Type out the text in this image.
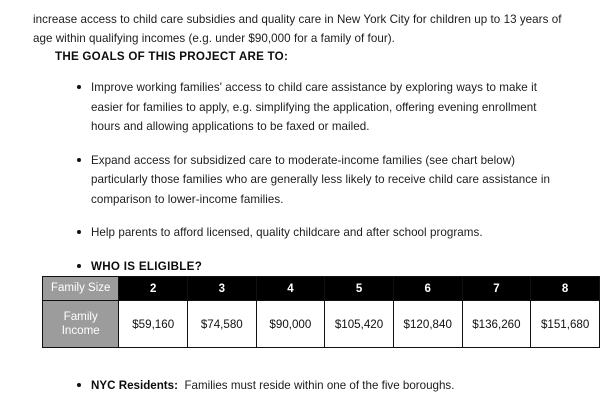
increase access to child care subsidies and quality care in New York City for children up to 13 years of age within qualifying incomes (e.g. under $90,000 for a family of four).

THE GOALS OF THIS PROJECT ARE TO:
Improve working families' access to child care assistance by exploring ways to make it easier for families to apply, e.g. simplifying the application, offering evening enrollment hours and allowing applications to be faxed or mailed.
Expand access for subsidized care to moderate-income families (see chart below) particularly those families who are generally less likely to receive child care assistance in comparison to lower-income families.
Help parents to afford licensed, quality childcare and after school programs.
WHO IS ELIGIBLE?
Family Size	2	3	4	5	6	7	8

Family
Income	$59,160	$74,580	$90,000	$105,420	$120,840	$136,260	$151,680
NYC Residents: Families must reside within one of the five boroughs.
